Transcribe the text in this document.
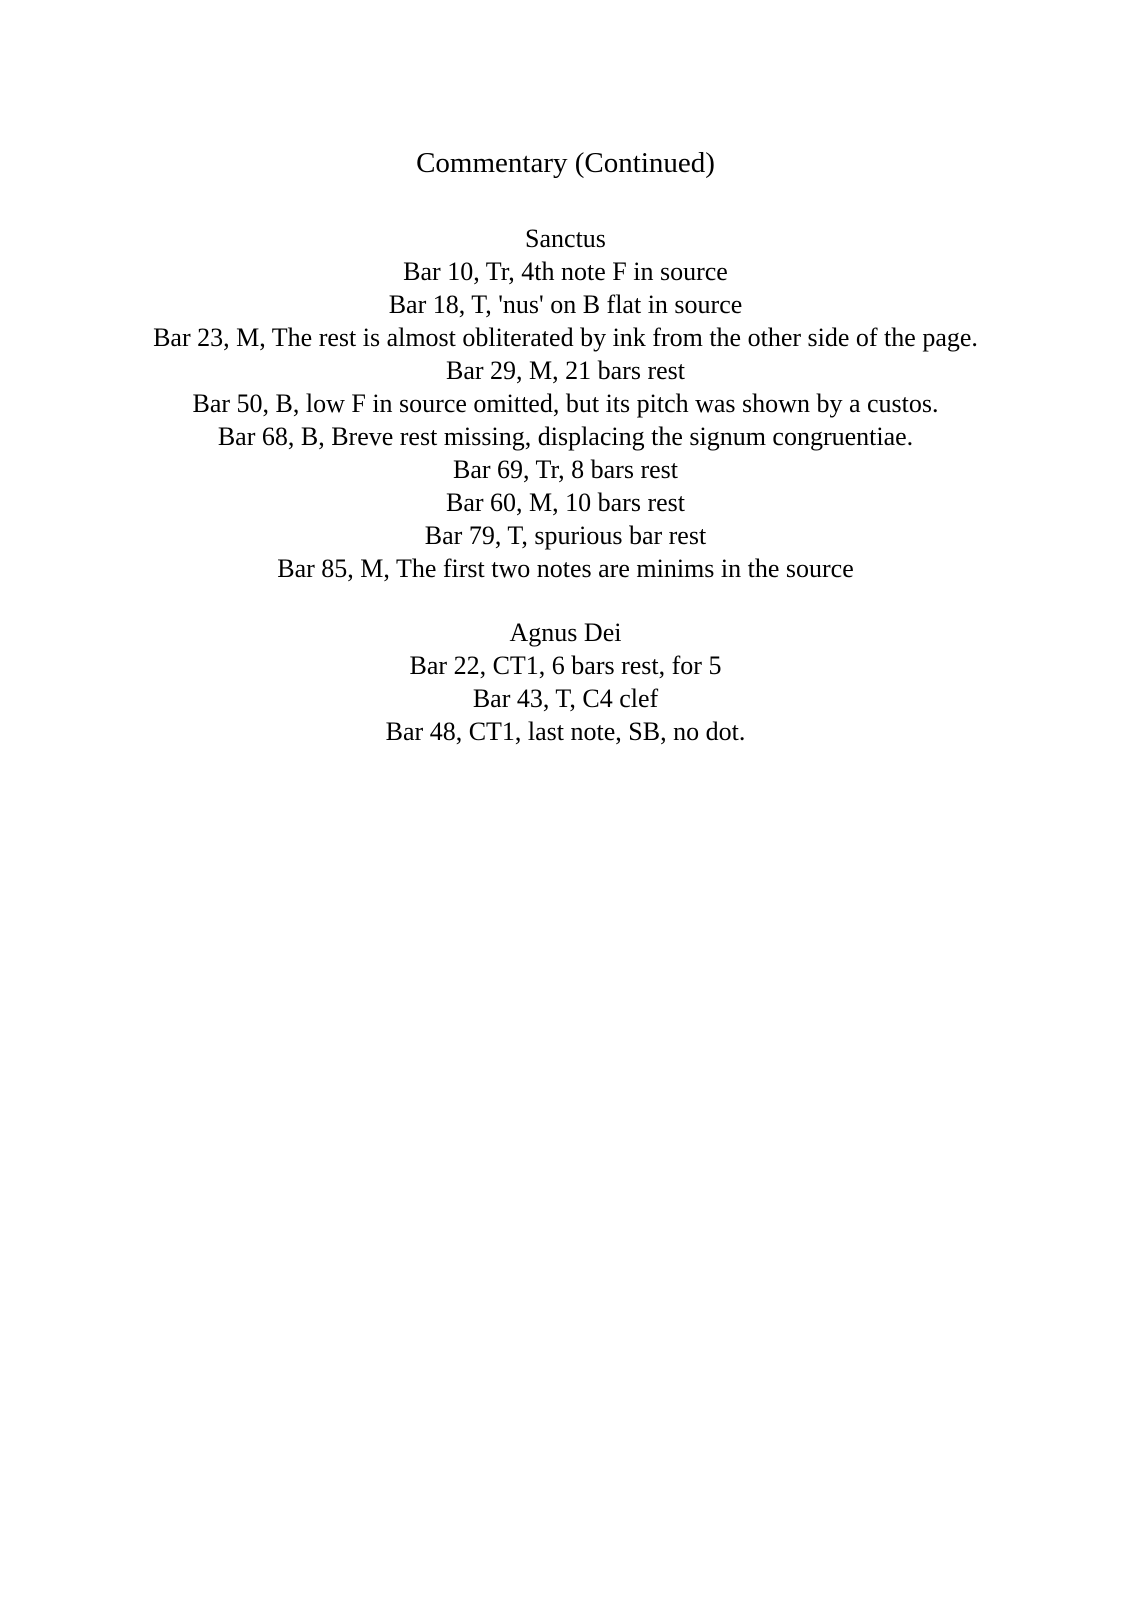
Commentary (Continued)
Sanctus
Bar 10, Tr, 4th note F in source
Bar 18, T, 'nus' on B flat in source
Bar 23, M, The rest is almost obliterated by ink from the other side of the page.
Bar 29, M, 21 bars rest
Bar 50, B, low F in source omitted, but its pitch was shown by a custos.
Bar 68, B, Breve rest missing, displacing the signum congruentiae.
Bar 69, Tr, 8 bars rest
Bar 60, M, 10 bars rest
Bar 79, T, spurious bar rest
Bar 85, M, The first two notes are minims in the source
Agnus Dei
Bar 22, CT1, 6 bars rest, for 5
Bar 43, T, C4 clef
Bar 48, CT1, last note, SB, no dot.
